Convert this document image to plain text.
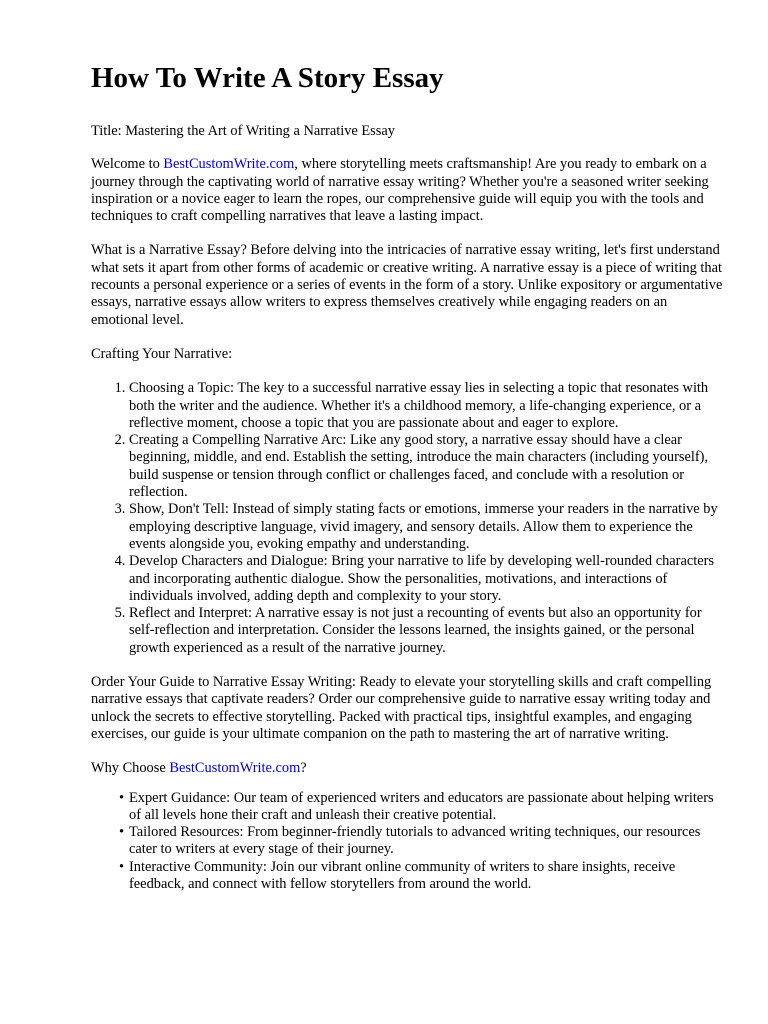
How To Write A Story Essay

Title: Mastering the Art of Writing a Narrative Essay

Welcome to BestCustomWrite.com, where storytelling meets craftsmanship! Are you ready to embark on a journey through the captivating world of narrative essay writing? Whether you're a seasoned writer seeking inspiration or a novice eager to learn the ropes, our comprehensive guide will equip you with the tools and techniques to craft compelling narratives that leave a lasting impact.

What is a Narrative Essay? Before delving into the intricacies of narrative essay writing, let's first understand what sets it apart from other forms of academic or creative writing. A narrative essay is a piece of writing that recounts a personal experience or a series of events in the form of a story. Unlike expository or argumentative essays, narrative essays allow writers to express themselves creatively while engaging readers on an emotional level.

Crafting Your Narrative:

1. Choosing a Topic: The key to a successful narrative essay lies in selecting a topic that resonates with both the writer and the audience. Whether it's a childhood memory, a life-changing experience, or a reflective moment, choose a topic that you are passionate about and eager to explore.
2. Creating a Compelling Narrative Arc: Like any good story, a narrative essay should have a clear beginning, middle, and end. Establish the setting, introduce the main characters (including yourself), build suspense or tension through conflict or challenges faced, and conclude with a resolution or reflection.
3. Show, Don't Tell: Instead of simply stating facts or emotions, immerse your readers in the narrative by employing descriptive language, vivid imagery, and sensory details. Allow them to experience the events alongside you, evoking empathy and understanding.
4. Develop Characters and Dialogue: Bring your narrative to life by developing well-rounded characters and incorporating authentic dialogue. Show the personalities, motivations, and interactions of individuals involved, adding depth and complexity to your story.
5. Reflect and Interpret: A narrative essay is not just a recounting of events but also an opportunity for self-reflection and interpretation. Consider the lessons learned, the insights gained, or the personal growth experienced as a result of the narrative journey.

Order Your Guide to Narrative Essay Writing: Ready to elevate your storytelling skills and craft compelling narrative essays that captivate readers? Order our comprehensive guide to narrative essay writing today and unlock the secrets to effective storytelling. Packed with practical tips, insightful examples, and engaging exercises, our guide is your ultimate companion on the path to mastering the art of narrative writing.

Why Choose BestCustomWrite.com?

• Expert Guidance: Our team of experienced writers and educators are passionate about helping writers of all levels hone their craft and unleash their creative potential.
• Tailored Resources: From beginner-friendly tutorials to advanced writing techniques, our resources cater to writers at every stage of their journey.
• Interactive Community: Join our vibrant online community of writers to share insights, receive feedback, and connect with fellow storytellers from around the world.
